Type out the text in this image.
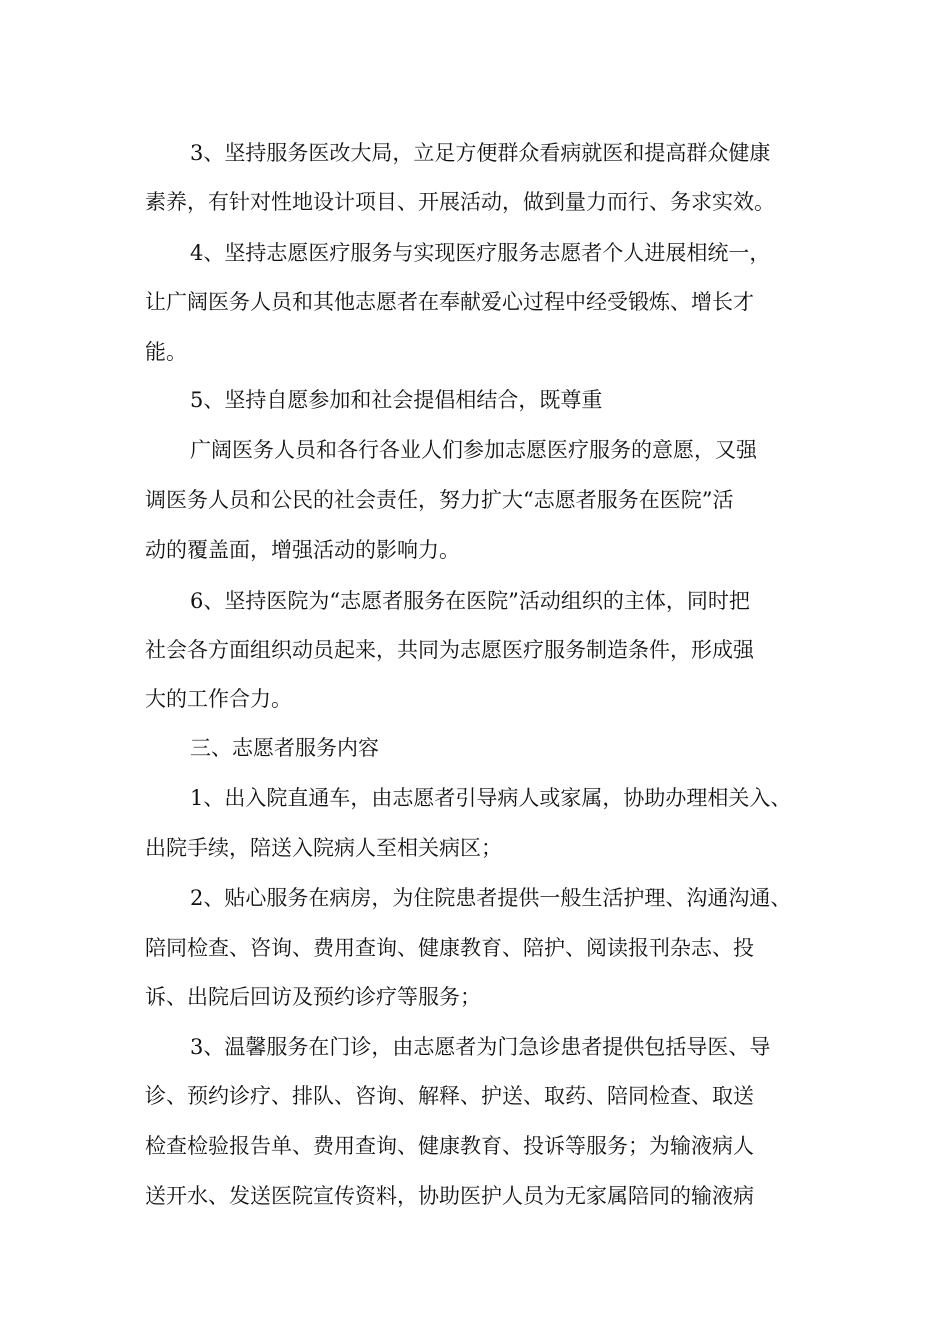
3、坚持服务医改大局，立足方便群众看病就医和提高群众健康
素养，有针对性地设计项目、开展活动，做到量力而行、务求实效。
4、坚持志愿医疗服务与实现医疗服务志愿者个人进展相统一，
让广阔医务人员和其他志愿者在奉献爱心过程中经受锻炼、增长才
能。
5、坚持自愿参加和社会提倡相结合，既尊重
广阔医务人员和各行各业人们参加志愿医疗服务的意愿，又强
调医务人员和公民的社会责任，努力扩大“志愿者服务在医院”活
动的覆盖面，增强活动的影响力。
6、坚持医院为“志愿者服务在医院”活动组织的主体，同时把
社会各方面组织动员起来，共同为志愿医疗服务制造条件，形成强
大的工作合力。
三、志愿者服务内容
1、出入院直通车，由志愿者引导病人或家属，协助办理相关入、
出院手续，陪送入院病人至相关病区；
2、贴心服务在病房，为住院患者提供一般生活护理、沟通沟通、
陪同检查、咨询、费用查询、健康教育、陪护、阅读报刊杂志、投
诉、出院后回访及预约诊疗等服务；
3、温馨服务在门诊，由志愿者为门急诊患者提供包括导医、导
诊、预约诊疗、排队、咨询、解释、护送、取药、陪同检查、取送
检查检验报告单、费用查询、健康教育、投诉等服务；为输液病人
送开水、发送医院宣传资料，协助医护人员为无家属陪同的输液病
